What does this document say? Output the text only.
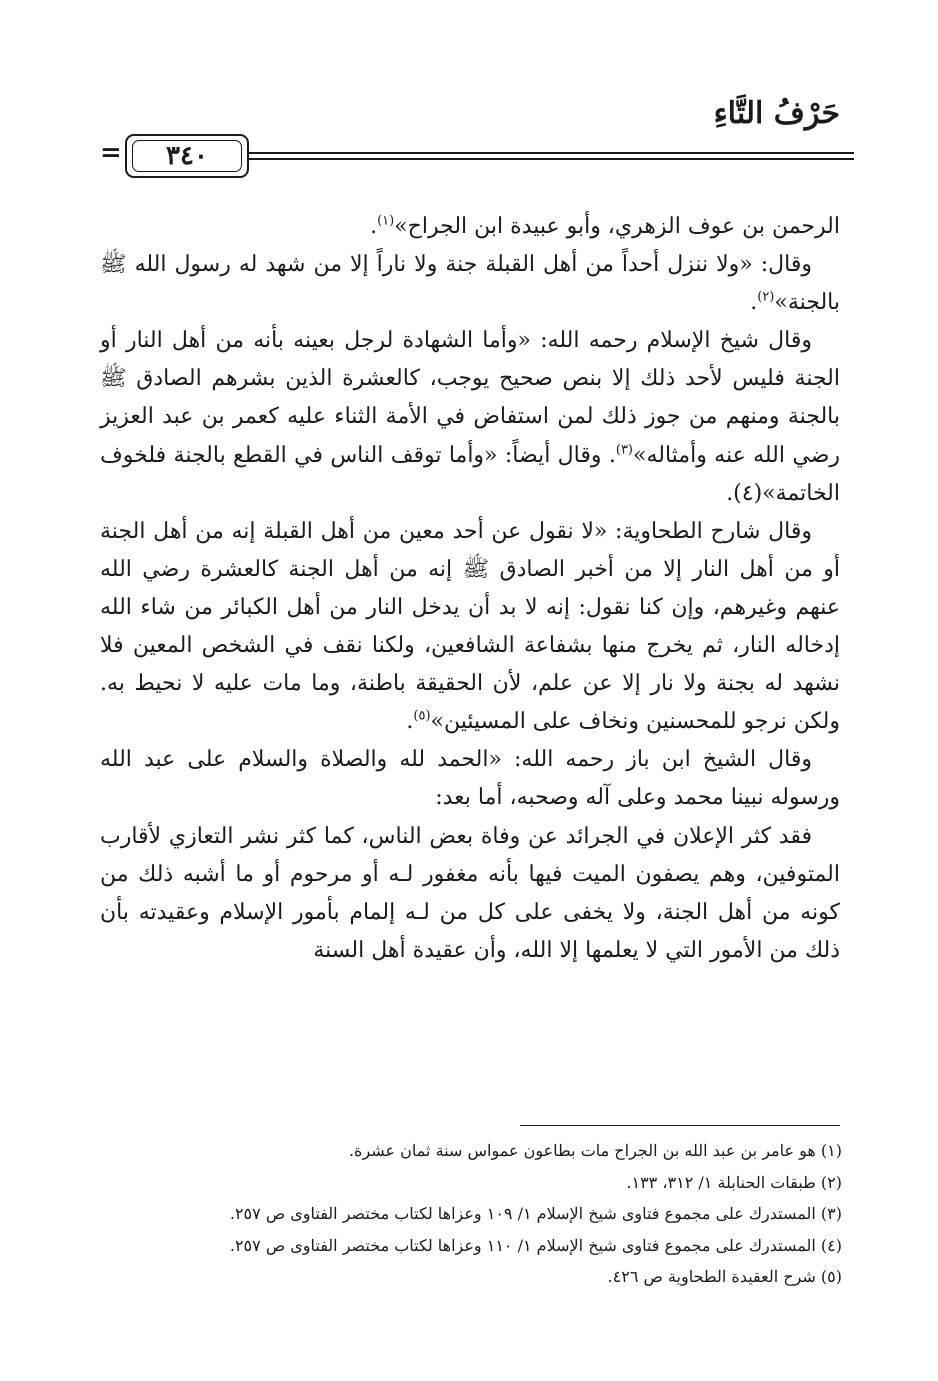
حَرْفُ التَّاءِ
٣٤٠
=

الرحمن بن عوف الزهري، وأبو عبيدة ابن الجراح»$^{(١)}$.

وقال: «ولا ننزل أحداً من أهل القبلة جنة ولا ناراً إلا من شهد له رسول الله ﷺ بالجنة»$^{(٢)}$.

وقال شيخ الإسلام رحمه الله: «وأما الشهادة لرجل بعينه بأنه من أهل النار أو الجنة فليس لأحد ذلك إلا بنص صحيح يوجب، كالعشرة الذين بشرهم الصادق ﷺ بالجنة ومنهم من جوز ذلك لمن استفاض في الأمة الثناء عليه كعمر بن عبد العزيز رضي الله عنه وأمثاله»$^{(٣)}$. وقال أيضاً: «وأما توقف الناس في القطع بالجنة فلخوف الخاتمة»(٤).

وقال شارح الطحاوية: «لا نقول عن أحد معين من أهل القبلة إنه من أهل الجنة أو من أهل النار إلا من أخبر الصادق ﷺ إنه من أهل الجنة كالعشرة رضي الله عنهم وغيرهم، وإن كنا نقول: إنه لا بد أن يدخل النار من أهل الكبائر من شاء الله إدخاله النار، ثم يخرج منها بشفاعة الشافعين، ولكنا نقف في الشخص المعين فلا نشهد له بجنة ولا نار إلا عن علم، لأن الحقيقة باطنة، وما مات عليه لا نحيط به. ولكن نرجو للمحسنين ونخاف على المسيئين»$^{(٥)}$.

وقال الشيخ ابن باز رحمه الله: «الحمد لله والصلاة والسلام على عبد الله ورسوله نبينا محمد وعلى آله وصحبه، أما بعد:

فقد كثر الإعلان في الجرائد عن وفاة بعض الناس، كما كثر نشر التعازي لأقارب المتوفين، وهم يصفون الميت فيها بأنه مغفور لـه أو مرحوم أو ما أشبه ذلك من كونه من أهل الجنة، ولا يخفى على كل من لـه إلمام بأمور الإسلام وعقيدته بأن ذلك من الأمور التي لا يعلمها إلا الله، وأن عقيدة أهل السنة

(١) هو عامر بن عبد الله بن الجراح مات بطاعون عمواس سنة ثمان عشرة.
(٢) طبقات الحنابلة ١/ ٣١٢، ١٣٣.
(٣) المستدرك على مجموع فتاوى شيخ الإسلام ١/ ١٠٩ وعزاها لكتاب مختصر الفتاوى ص ٢٥٧.
(٤) المستدرك على مجموع فتاوى شيخ الإسلام ١/ ١١٠ وعزاها لكتاب مختصر الفتاوى ص ٢٥٧.
(٥) شرح العقيدة الطحاوية ص ٤٢٦.
